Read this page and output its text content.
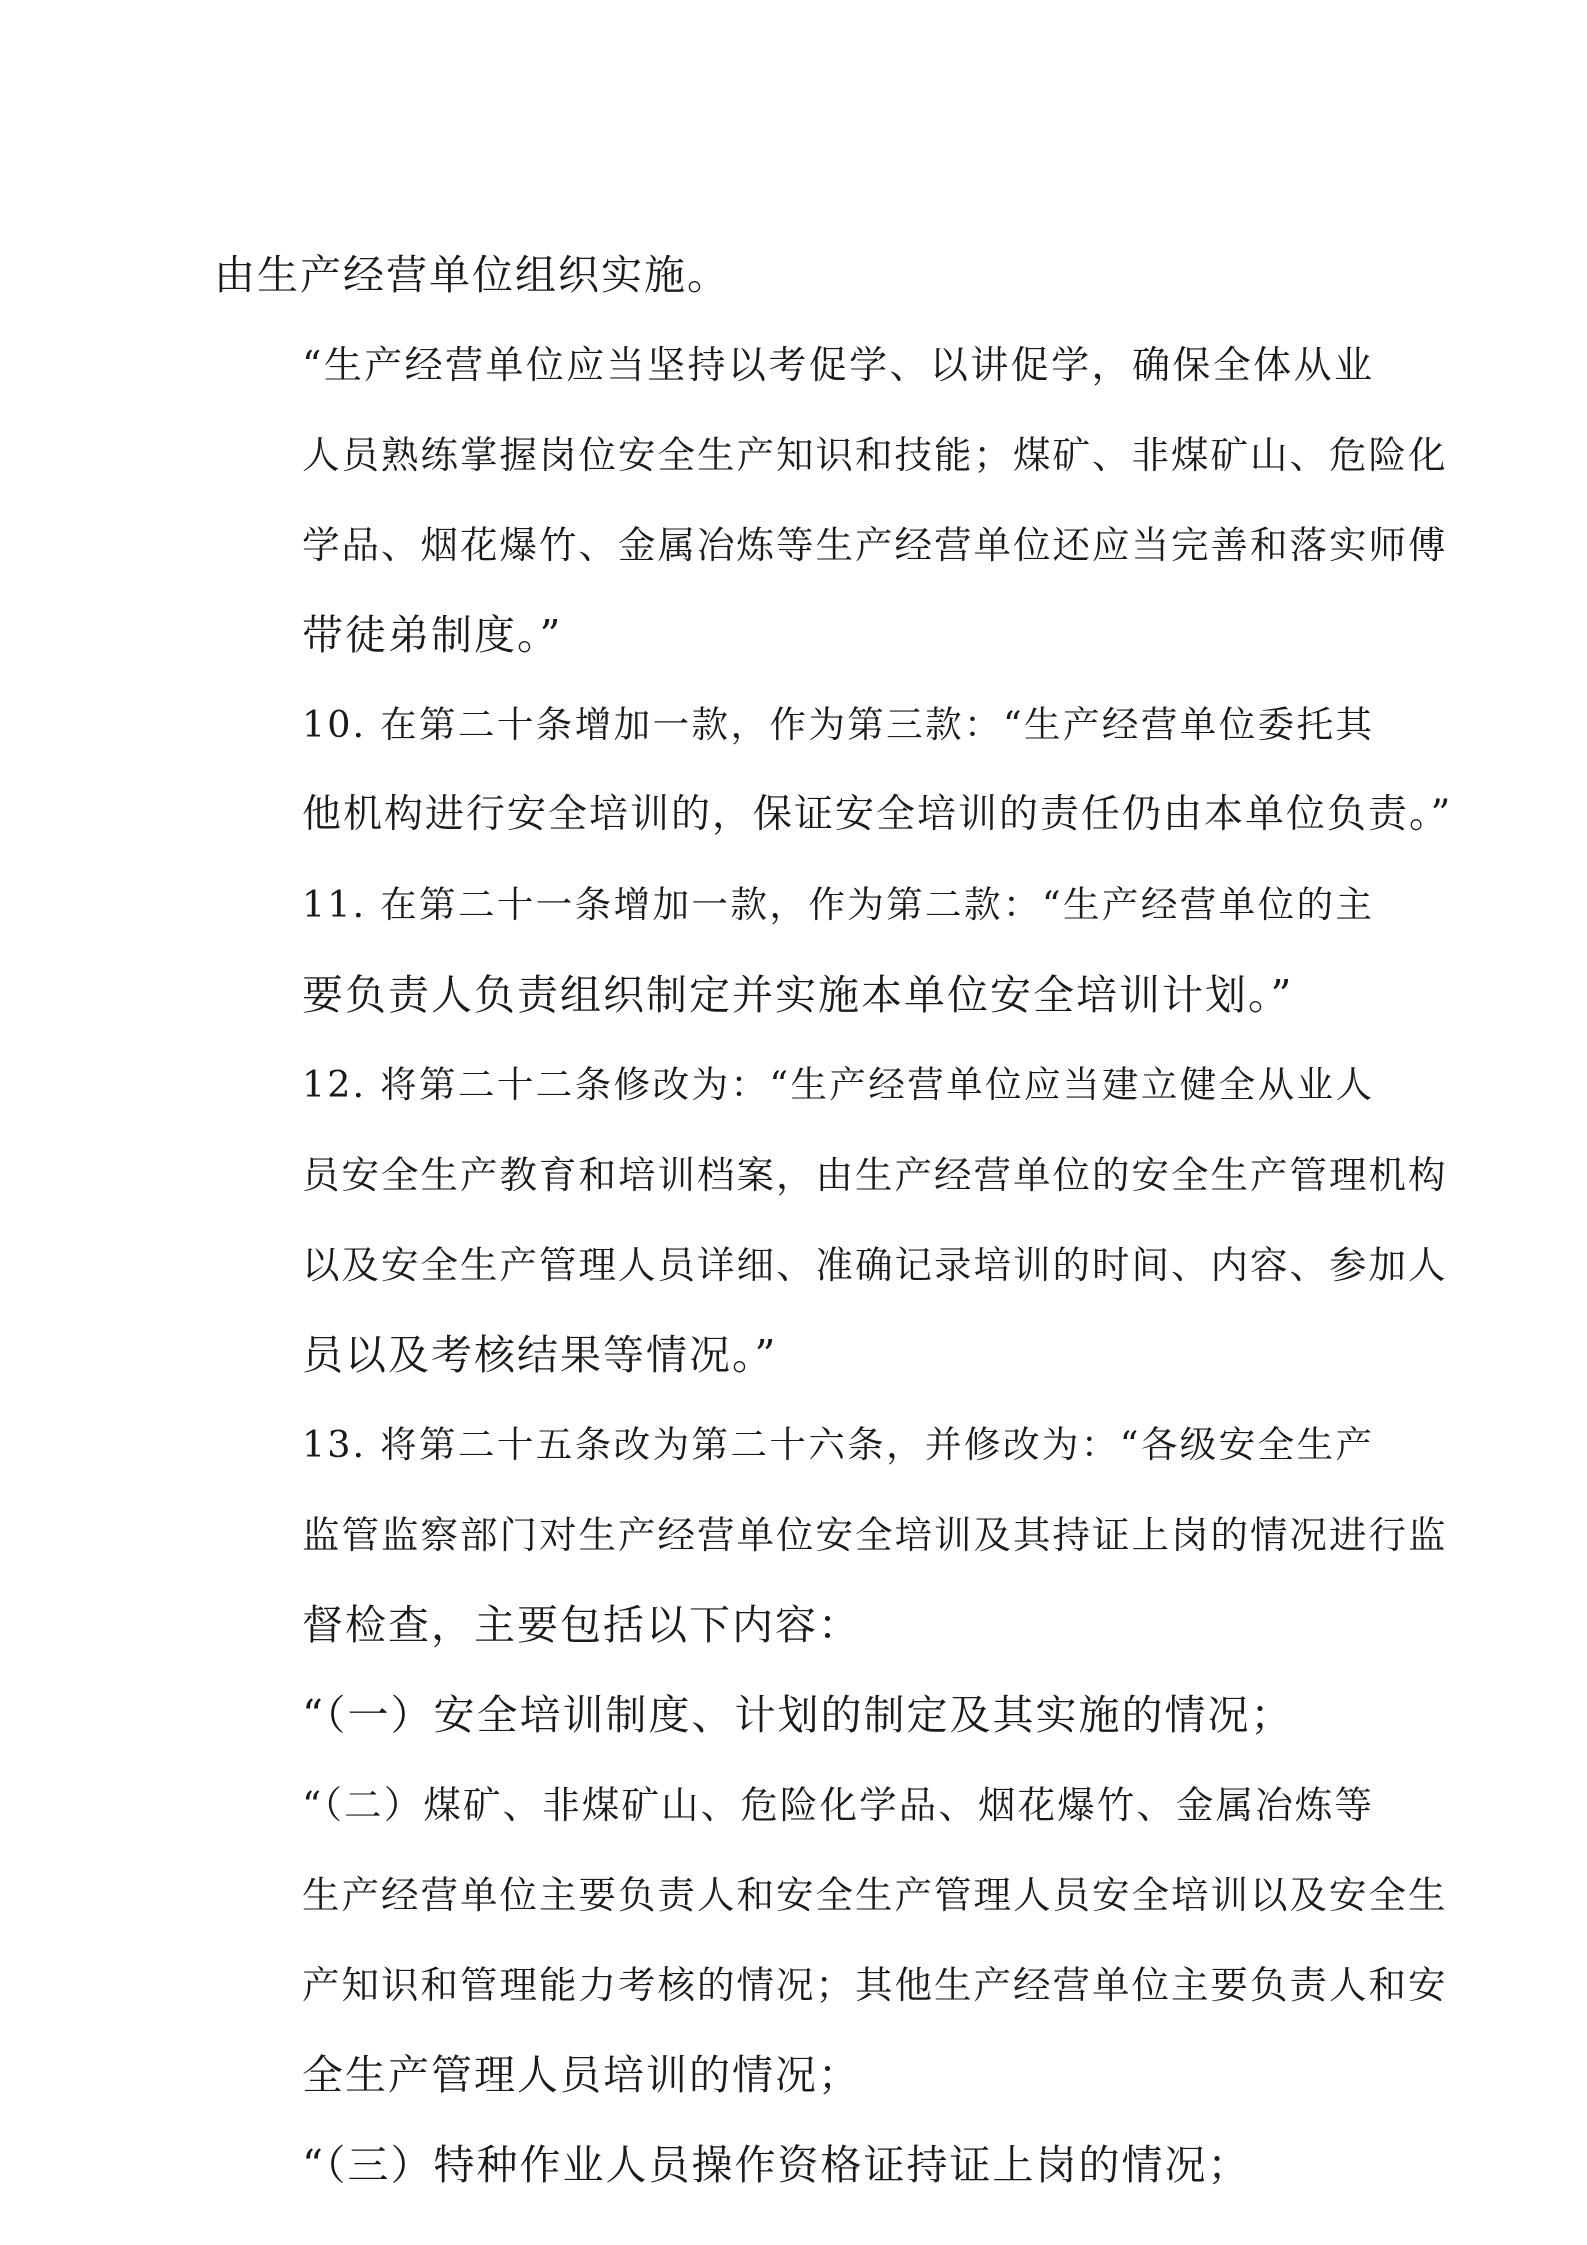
由生产经营单位组织实施。

“生产经营单位应当坚持以考促学、以讲促学，确保全体从业
人员熟练掌握岗位安全生产知识和技能；煤矿、非煤矿山、危险化
学品、烟花爆竹、金属冶炼等生产经营单位还应当完善和落实师傅
带徒弟制度。”

10. 在第二十条增加一款，作为第三款：“生产经营单位委托其
他机构进行安全培训的，保证安全培训的责任仍由本单位负责。”

11. 在第二十一条增加一款，作为第二款：“生产经营单位的主
要负责人负责组织制定并实施本单位安全培训计划。”

12. 将第二十二条修改为：“生产经营单位应当建立健全从业人
员安全生产教育和培训档案，由生产经营单位的安全生产管理机构
以及安全生产管理人员详细、准确记录培训的时间、内容、参加人
员以及考核结果等情况。”

13. 将第二十五条改为第二十六条，并修改为：“各级安全生产
监管监察部门对生产经营单位安全培训及其持证上岗的情况进行监
督检查，主要包括以下内容：

“（一）安全培训制度、计划的制定及其实施的情况；

“（二）煤矿、非煤矿山、危险化学品、烟花爆竹、金属冶炼等
生产经营单位主要负责人和安全生产管理人员安全培训以及安全生
产知识和管理能力考核的情况；其他生产经营单位主要负责人和安
全生产管理人员培训的情况；

“（三）特种作业人员操作资格证持证上岗的情况；
